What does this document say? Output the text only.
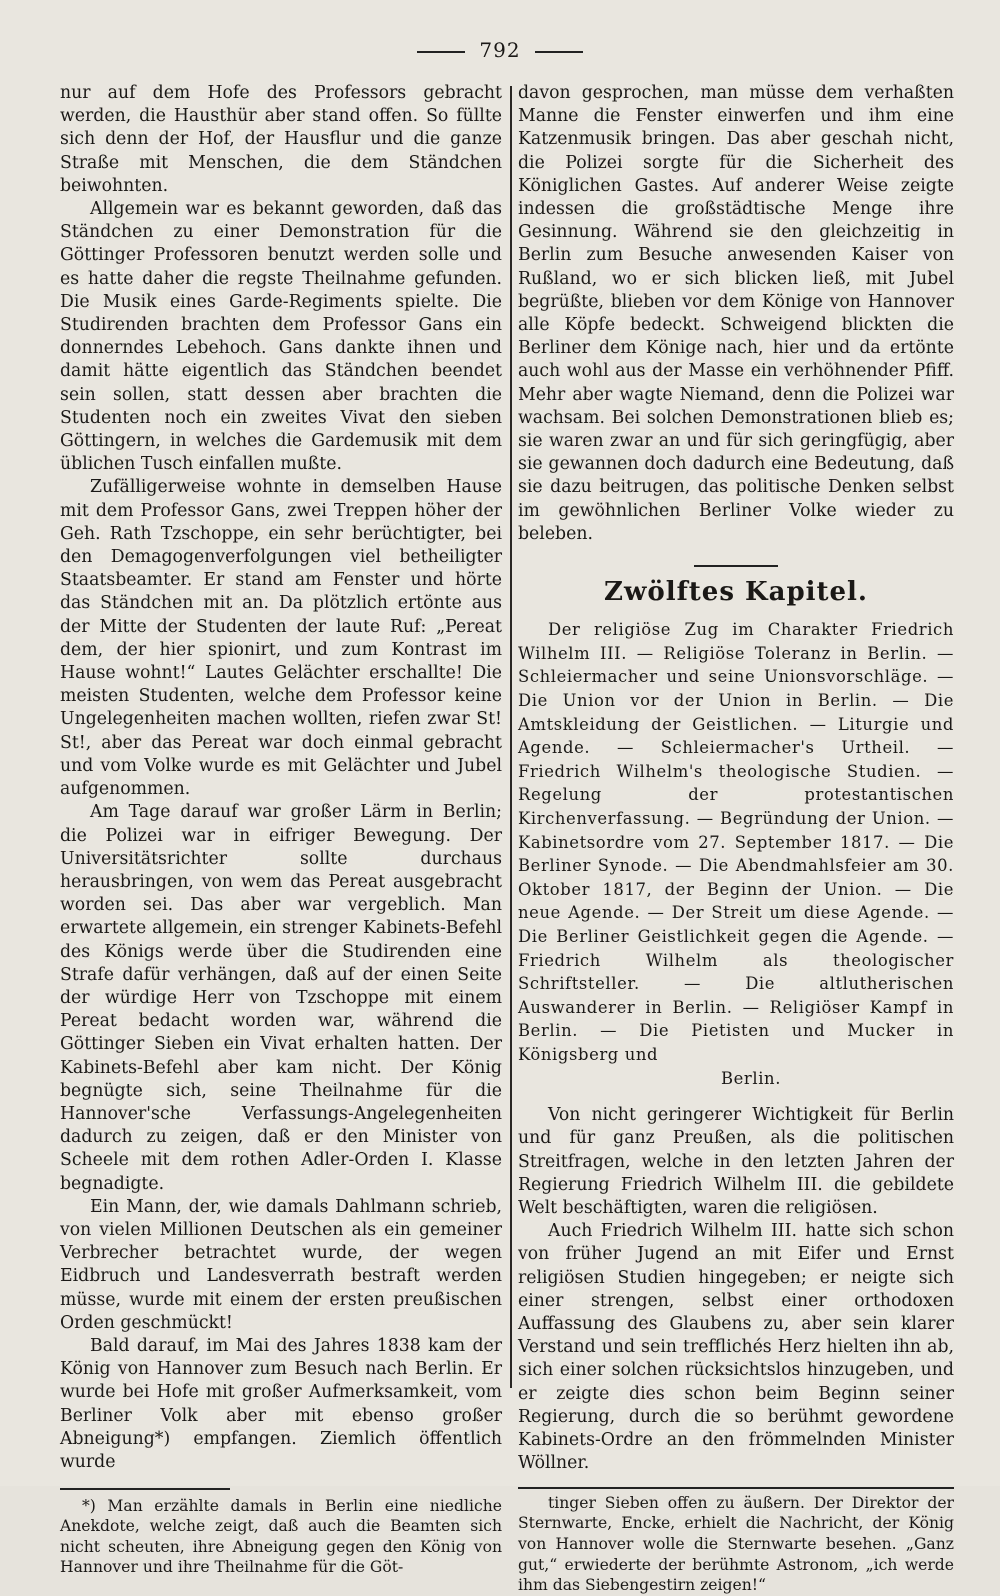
792

nur auf dem Hofe des Professors gebracht werden, die Hausthür aber stand offen. So füllte sich denn der Hof, der Hausflur und die ganze Straße mit Menschen, die dem Ständchen beiwohnten.

Allgemein war es bekannt geworden, daß das Ständchen zu einer Demonstration für die Göttinger Professoren benutzt werden solle und es hatte daher die regste Theilnahme gefunden. Die Musik eines Garde-Regiments spielte. Die Studirenden brachten dem Professor Gans ein donnerndes Lebehoch. Gans dankte ihnen und damit hätte eigentlich das Ständchen beendet sein sollen, statt dessen aber brachten die Studenten noch ein zweites Vivat den sieben Göttingern, in welches die Gardemusik mit dem üblichen Tusch einfallen mußte.

Zufälligerweise wohnte in demselben Hause mit dem Professor Gans, zwei Treppen höher der Geh. Rath Tzschoppe, ein sehr berüchtigter, bei den Demagogenverfolgungen viel betheiligter Staatsbeamter. Er stand am Fenster und hörte das Ständchen mit an. Da plötzlich ertönte aus der Mitte der Studenten der laute Ruf: „Pereat dem, der hier spionirt, und zum Kontrast im Hause wohnt!“ Lautes Gelächter erschallte! Die meisten Studenten, welche dem Professor keine Ungelegenheiten machen wollten, riefen zwar St! St!, aber das Pereat war doch einmal gebracht und vom Volke wurde es mit Gelächter und Jubel aufgenommen.

Am Tage darauf war großer Lärm in Berlin; die Polizei war in eifriger Bewegung. Der Universitätsrichter sollte durchaus herausbringen, von wem das Pereat ausgebracht worden sei. Das aber war vergeblich. Man erwartete allgemein, ein strenger Kabinets-Befehl des Königs werde über die Studirenden eine Strafe dafür verhängen, daß auf der einen Seite der würdige Herr von Tzschoppe mit einem Pereat bedacht worden war, während die Göttinger Sieben ein Vivat erhalten hatten. Der Kabinets-Befehl aber kam nicht. Der König begnügte sich, seine Theilnahme für die Hannover'sche Verfassungs-Angelegenheiten dadurch zu zeigen, daß er den Minister von Scheele mit dem rothen Adler-Orden I. Klasse begnadigte.

Ein Mann, der, wie damals Dahlmann schrieb, von vielen Millionen Deutschen als ein gemeiner Verbrecher betrachtet wurde, der wegen Eidbruch und Landesverrath bestraft werden müsse, wurde mit einem der ersten preußischen Orden geschmückt!

Bald darauf, im Mai des Jahres 1838 kam der König von Hannover zum Besuch nach Berlin. Er wurde bei Hofe mit großer Aufmerksamkeit, vom Berliner Volk aber mit ebenso großer Abneigung*) empfangen. Ziemlich öffentlich wurde

*) Man erzählte damals in Berlin eine niedliche Anekdote, welche zeigt, daß auch die Beamten sich nicht scheuten, ihre Abneigung gegen den König von Hannover und ihre Theilnahme für die Göt-

davon gesprochen, man müsse dem verhaßten Manne die Fenster einwerfen und ihm eine Katzenmusik bringen. Das aber geschah nicht, die Polizei sorgte für die Sicherheit des Königlichen Gastes. Auf anderer Weise zeigte indessen die großstädtische Menge ihre Gesinnung. Während sie den gleichzeitig in Berlin zum Besuche anwesenden Kaiser von Rußland, wo er sich blicken ließ, mit Jubel begrüßte, blieben vor dem Könige von Hannover alle Köpfe bedeckt. Schweigend blickten die Berliner dem Könige nach, hier und da ertönte auch wohl aus der Masse ein verhöhnender Pfiff. Mehr aber wagte Niemand, denn die Polizei war wachsam. Bei solchen Demonstrationen blieb es; sie waren zwar an und für sich geringfügig, aber sie gewannen doch dadurch eine Bedeutung, daß sie dazu beitrugen, das politische Denken selbst im gewöhnlichen Berliner Volke wieder zu beleben.

Zwölftes Kapitel.

Der religiöse Zug im Charakter Friedrich Wilhelm III. — Religiöse Toleranz in Berlin. — Schleiermacher und seine Unionsvorschläge. — Die Union vor der Union in Berlin. — Die Amtskleidung der Geistlichen. — Liturgie und Agende. — Schleiermacher's Urtheil. — Friedrich Wilhelm's theologische Studien. — Regelung der protestantischen Kirchenverfassung. — Begründung der Union. — Kabinetsordre vom 27. September 1817. — Die Berliner Synode. — Die Abendmahlsfeier am 30. Oktober 1817, der Beginn der Union. — Die neue Agende. — Der Streit um diese Agende. — Die Berliner Geistlichkeit gegen die Agende. — Friedrich Wilhelm als theologischer Schriftsteller. — Die altlutherischen Auswanderer in Berlin. — Religiöser Kampf in Berlin. — Die Pietisten und Mucker in Königsberg und
Berlin.

Von nicht geringerer Wichtigkeit für Berlin und für ganz Preußen, als die politischen Streitfragen, welche in den letzten Jahren der Regierung Friedrich Wilhelm III. die gebildete Welt beschäftigten, waren die religiösen.

Auch Friedrich Wilhelm III. hatte sich schon von früher Jugend an mit Eifer und Ernst religiösen Studien hingegeben; er neigte sich einer strengen, selbst einer orthodoxen Auffassung des Glaubens zu, aber sein klarer Verstand und sein trefflichés Herz hielten ihn ab, sich einer solchen rücksichtslos hinzugeben, und er zeigte dies schon beim Beginn seiner Regierung, durch die so berühmt gewordene Kabinets-Ordre an den frömmelnden Minister Wöllner.

tinger Sieben offen zu äußern. Der Direktor der Sternwarte, Encke, erhielt die Nachricht, der König von Hannover wolle die Sternwarte besehen. „Ganz gut,“ erwiederte der berühmte Astronom, „ich werde ihm das Siebengestirn zeigen!“
